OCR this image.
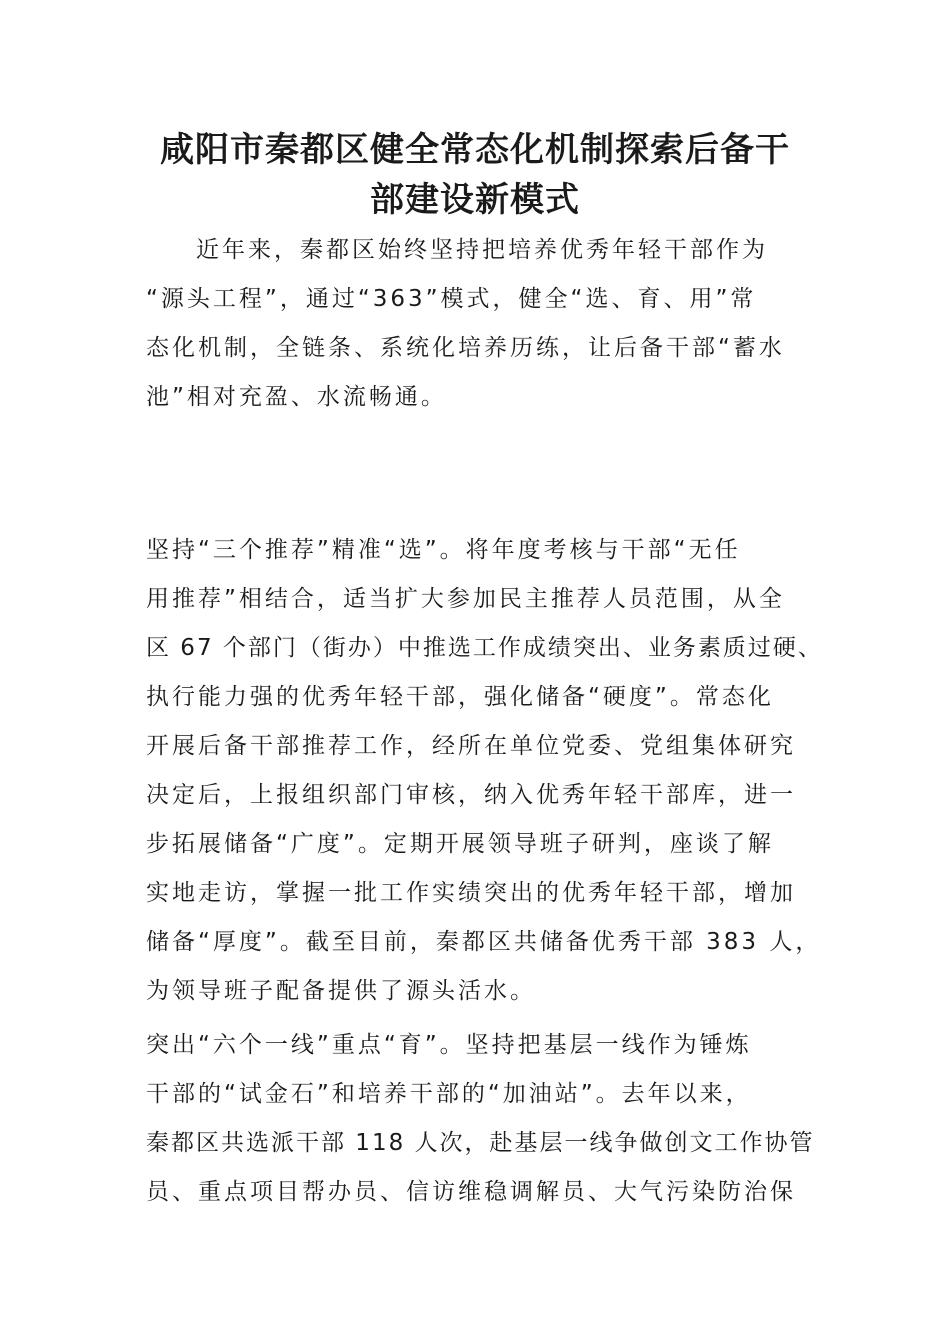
咸阳市秦都区健全常态化机制探索后备干
部建设新模式
近年来，秦都区始终坚持把培养优秀年轻干部作为
“源头工程”，通过“363”模式，健全“选、育、用”常
态化机制，全链条、系统化培养历练，让后备干部“蓄水
池”相对充盈、水流畅通。
坚持“三个推荐”精准“选”。将年度考核与干部“无任
用推荐”相结合，适当扩大参加民主推荐人员范围，从全
区 67 个部门（街办）中推选工作成绩突出、业务素质过硬、
执行能力强的优秀年轻干部，强化储备“硬度”。常态化
开展后备干部推荐工作，经所在单位党委、党组集体研究
决定后，上报组织部门审核，纳入优秀年轻干部库，进一
步拓展储备“广度”。定期开展领导班子研判，座谈了解
实地走访，掌握一批工作实绩突出的优秀年轻干部，增加
储备“厚度”。截至目前，秦都区共储备优秀干部 383 人，
为领导班子配备提供了源头活水。
突出“六个一线”重点“育”。坚持把基层一线作为锤炼
干部的“试金石”和培养干部的“加油站”。去年以来，
秦都区共选派干部 118 人次，赴基层一线争做创文工作协管
员、重点项目帮办员、信访维稳调解员、大气污染防治保
